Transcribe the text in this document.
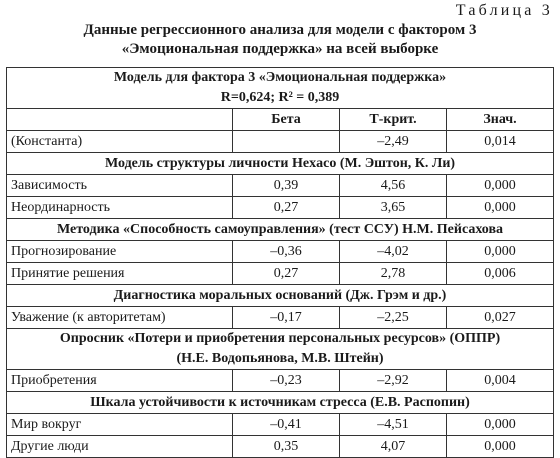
Таблица 3
Данные регрессионного анализа для модели с фактором 3
«Эмоциональная поддержка» на всей выборке
Модель для фактора 3 «Эмоциональная поддержка»
R=0,624; R² = 0,389			

	Бета	Т-крит.	Знач.
(Константа)		–2,49	0,014
Модель структуры личности Hexaco (М. Эштон, К. Ли)			
Зависимость	0,39	4,56	0,000
Неординарность	0,27	3,65	0,000
Методика «Способность самоуправления» (тест ССУ) Н.М. Пейсахова			
Прогнозирование	–0,36	–4,02	0,000
Принятие решения	0,27	2,78	0,006
Диагностика моральных оснований (Дж. Грэм и др.)			
Уважение (к авторитетам)	–0,17	–2,25	0,027

Опросник «Потери и приобретения персональных ресурсов» (ОППР)
(Н.Е. Водопьянова, М.В. Штейн)			

Приобретения	–0,23	–2,92	0,004
Шкала устойчивости к источникам стресса (Е.В. Распопин)			
Мир вокруг	–0,41	–4,51	0,000
Другие люди	0,35	4,07	0,000
